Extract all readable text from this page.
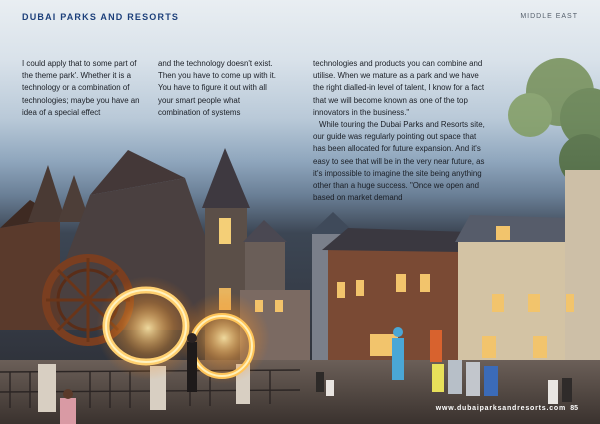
DUBAI PARKS AND RESORTS	MIDDLE EAST

I could apply that to some part of the theme park'. Whether it is a technology or a combination of technologies; maybe you have an idea of a special effect

and the technology doesn't exist. Then you have to come up with it. You have to figure it out with all your smart people what combination of systems

technologies and products you can combine and utilise. When we mature as a park and we have the right dialled-in level of talent, I know for a fact that we will become known as one of the top innovators in the business."

While touring the Dubai Parks and Resorts site, our guide was regularly pointing out space that has been allocated for future expansion. And it's easy to see that will be in the very near future, as it's impossible to imagine the site being anything other than a huge success. "Once we open and based on market demand

www.dubaiparksandresorts.com 85
